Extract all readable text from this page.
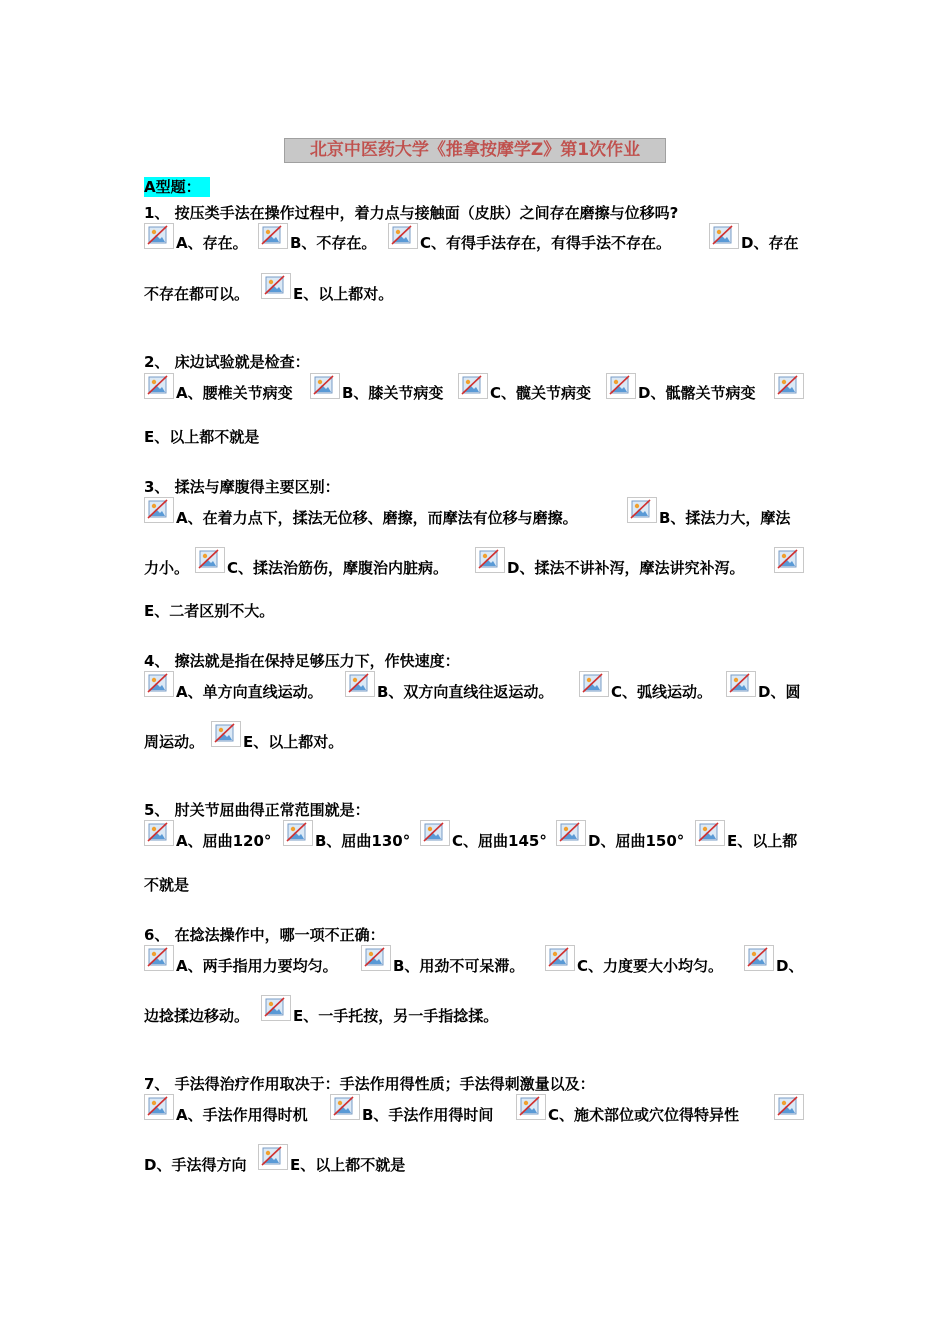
北京中医药大学《推拿按摩学Z》第1次作业
A型题：
1、 按压类手法在操作过程中，着力点与接触面（皮肤）之间存在磨擦与位移吗?
A、存在。	B、不存在。	C、有得手法存在，有得手法不存在。	D、存在
不存在都可以。	E、以上都对。
2、 床边试验就是检查：
A、腰椎关节病变	B、膝关节病变	C、髋关节病变	D、骶髂关节病变
E、以上都不就是
3、 揉法与摩腹得主要区别：
A、在着力点下，揉法无位移、磨擦，而摩法有位移与磨擦。	B、揉法力大，摩法
力小。	C、揉法治筋伤，摩腹治内脏病。	D、揉法不讲补泻，摩法讲究补泻。
E、二者区别不大。
4、 擦法就是指在保持足够压力下，作快速度：
A、单方向直线运动。	B、双方向直线往返运动。	C、弧线运动。	D、圆
周运动。	E、以上都对。
5、 肘关节屈曲得正常范围就是：
A、屈曲120°	B、屈曲130°	C、屈曲145°	D、屈曲150°	E、以上都
不就是
6、 在捻法操作中，哪一项不正确：
A、两手指用力要均匀。	B、用劲不可呆滞。	C、力度要大小均匀。	D、
边捻揉边移动。	E、一手托按，另一手指捻揉。
7、 手法得治疗作用取决于：手法作用得性质；手法得刺激量以及：
A、手法作用得时机	B、手法作用得时间	C、施术部位或穴位得特异性
D、手法得方向	E、以上都不就是
